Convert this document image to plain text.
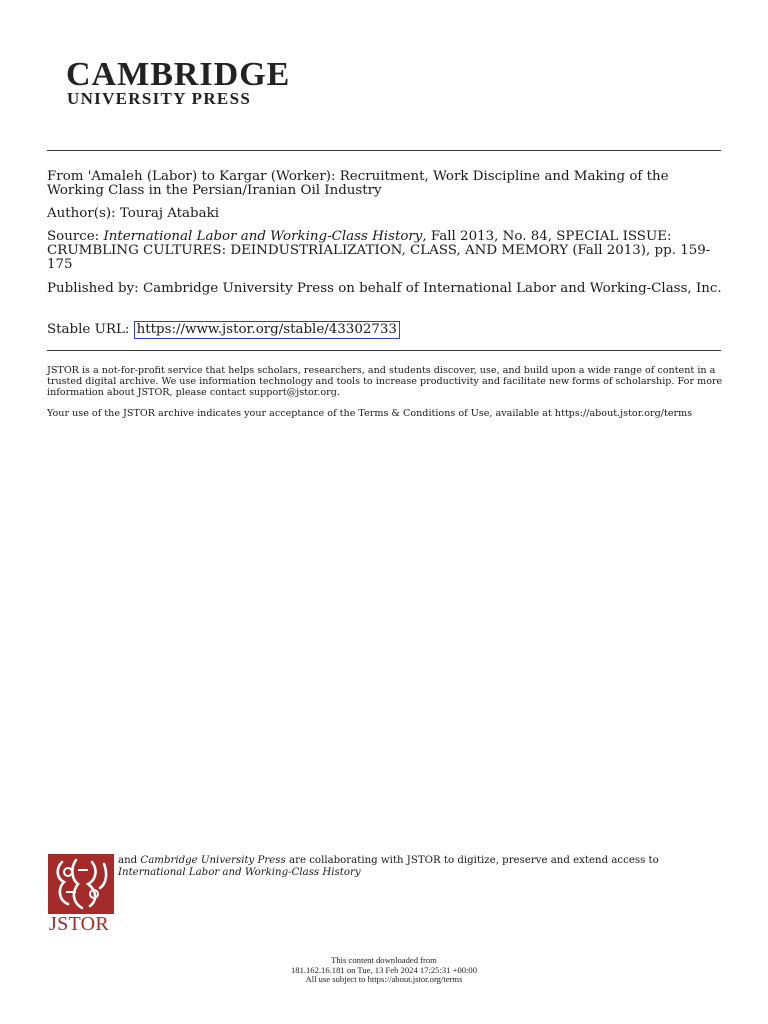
CAMBRIDGE
UNIVERSITY PRESS
From 'Amaleh (Labor) to Kargar (Worker): Recruitment, Work Discipline and Making of the Working Class in the Persian/Iranian Oil Industry
Author(s): Touraj Atabaki
Source: International Labor and Working-Class History, Fall 2013, No. 84, SPECIAL ISSUE: CRUMBLING CULTURES: DEINDUSTRIALIZATION, CLASS, AND MEMORY (Fall 2013), pp. 159-175
Published by: Cambridge University Press on behalf of International Labor and Working-Class, Inc.
Stable URL: https://www.jstor.org/stable/43302733
JSTOR is a not-for-profit service that helps scholars, researchers, and students discover, use, and build upon a wide range of content in a trusted digital archive. We use information technology and tools to increase productivity and facilitate new forms of scholarship. For more information about JSTOR, please contact support@jstor.org.
Your use of the JSTOR archive indicates your acceptance of the Terms & Conditions of Use, available at https://about.jstor.org/terms
JSTOR
and Cambridge University Press are collaborating with JSTOR to digitize, preserve and extend access to International Labor and Working-Class History
This content downloaded from
181.162.16.181 on Tue, 13 Feb 2024 17:25:31 +00:00
All use subject to https://about.jstor.org/terms
